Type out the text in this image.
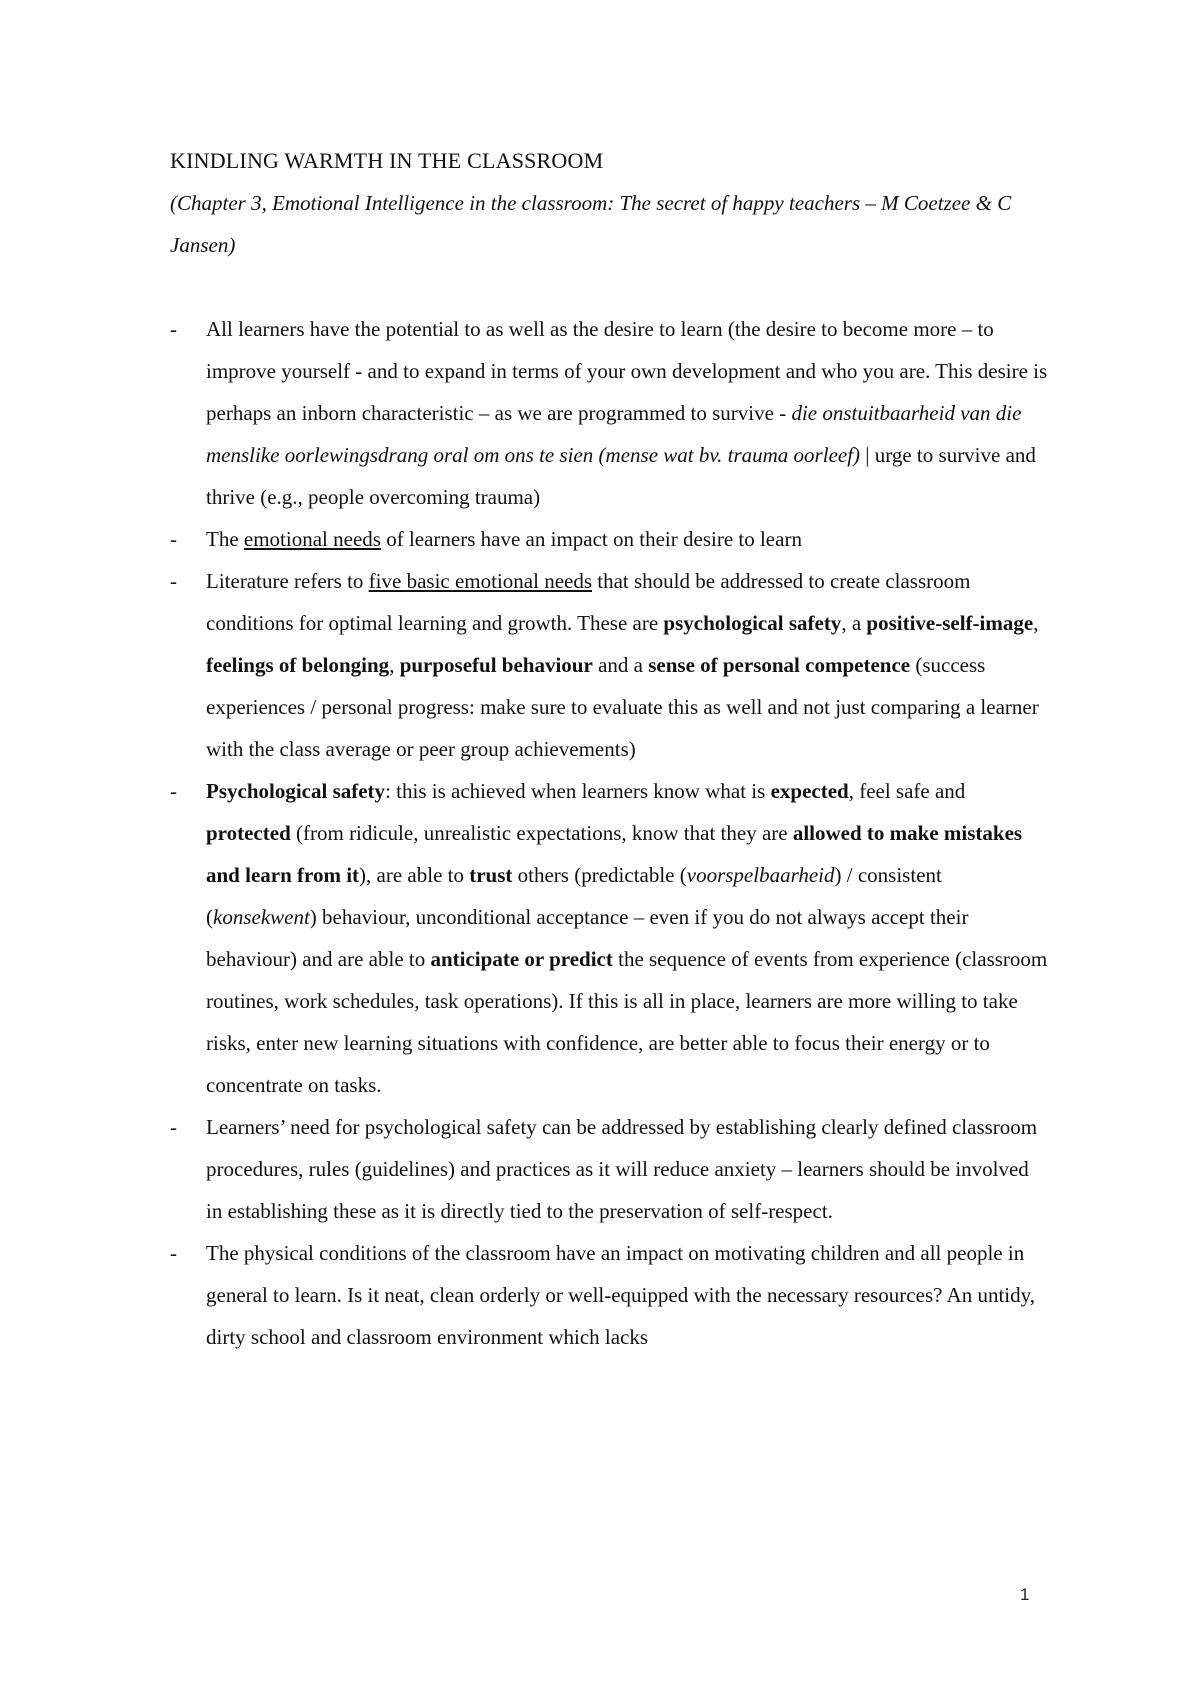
KINDLING WARMTH IN THE CLASSROOM

(Chapter 3, Emotional Intelligence in the classroom: The secret of happy teachers – M Coetzee & C Jansen)

-	All learners have the potential to as well as the desire to learn (the desire to become more – to improve yourself - and to expand in terms of your own development and who you are. This desire is perhaps an inborn characteristic – as we are programmed to survive - die onstuitbaarheid van die menslike oorlewingsdrang oral om ons te sien (mense wat bv. trauma oorleef) | urge to survive and thrive (e.g., people overcoming trauma)
-	The emotional needs of learners have an impact on their desire to learn
-	Literature refers to five basic emotional needs that should be addressed to create classroom conditions for optimal learning and growth. These are psychological safety, a positive-self-image, feelings of belonging, purposeful behaviour and a sense of personal competence (success experiences / personal progress: make sure to evaluate this as well and not just comparing a learner with the class average or peer group achievements)
-	Psychological safety: this is achieved when learners know what is expected, feel safe and protected (from ridicule, unrealistic expectations, know that they are allowed to make mistakes and learn from it), are able to trust others (predictable (voorspelbaarheid) / consistent (konsekwent) behaviour, unconditional acceptance – even if you do not always accept their behaviour) and are able to anticipate or predict the sequence of events from experience (classroom routines, work schedules, task operations). If this is all in place, learners are more willing to take risks, enter new learning situations with confidence, are better able to focus their energy or to concentrate on tasks.
-	Learners’ need for psychological safety can be addressed by establishing clearly defined classroom procedures, rules (guidelines) and practices as it will reduce anxiety – learners should be involved in establishing these as it is directly tied to the preservation of self-respect.
-	The physical conditions of the classroom have an impact on motivating children and all people in general to learn. Is it neat, clean orderly or well-equipped with the necessary resources? An untidy, dirty school and classroom environment which lacks
1
